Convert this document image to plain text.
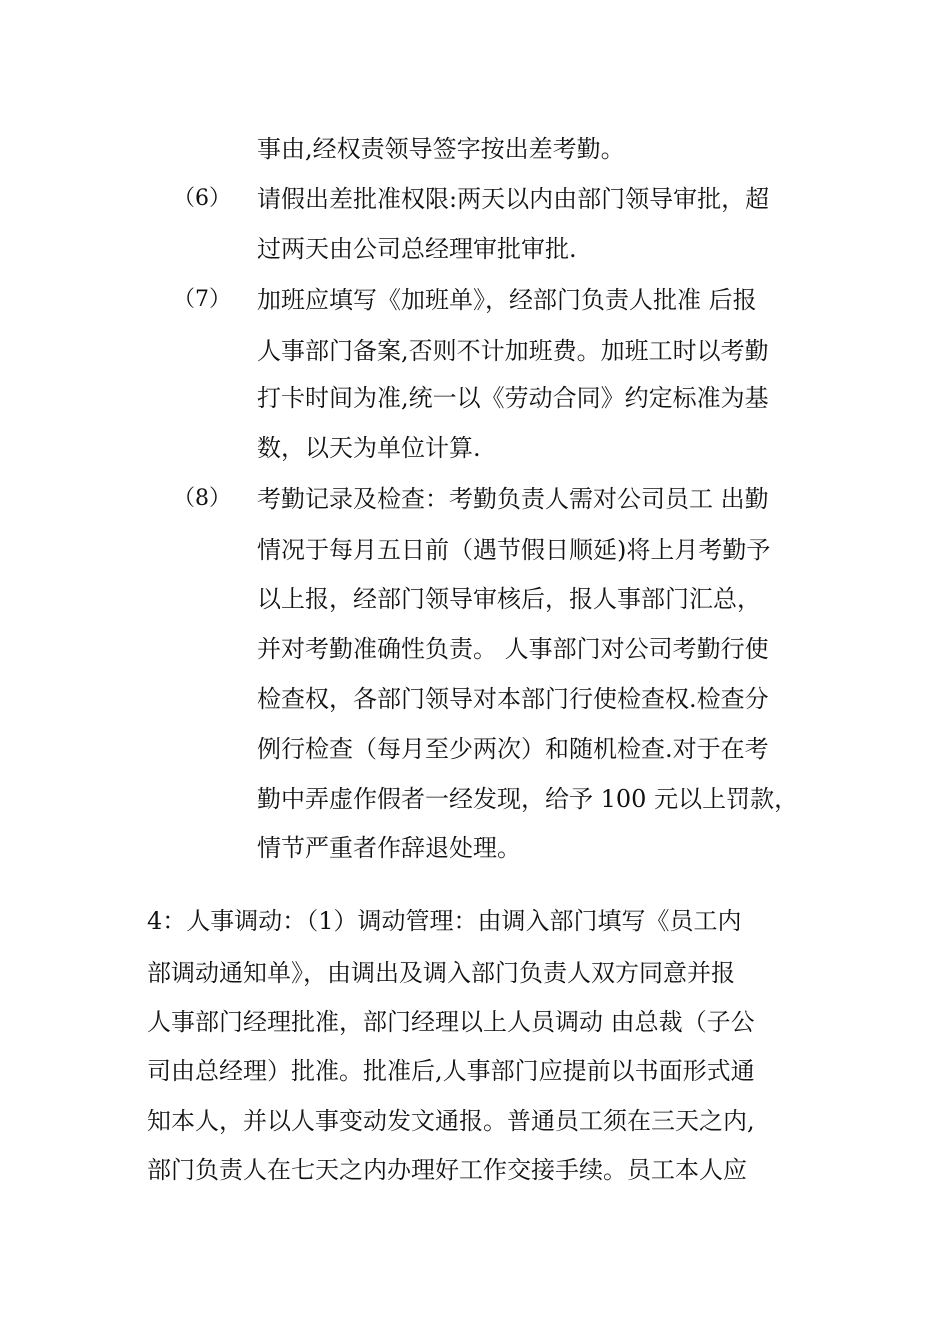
事由,经权责领导签字按出差考勤。
（6） 请假出差批准权限:两天以内由部门领导审批，超
过两天由公司总经理审批审批.
（7） 加班应填写《加班单》，经部门负责人批准 后报
人事部门备案,否则不计加班费。加班工时以考勤
打卡时间为准,统一以《劳动合同》约定标准为基
数，以天为单位计算.
（8） 考勤记录及检查：考勤负责人需对公司员工 出勤
情况于每月五日前（遇节假日顺延)将上月考勤予
以上报，经部门领导审核后，报人事部门汇总，
并对考勤准确性负责。 人事部门对公司考勤行使
检查权，各部门领导对本部门行使检查权.检查分
例行检查（每月至少两次）和随机检查.对于在考
勤中弄虚作假者一经发现，给予 100 元以上罚款，
情节严重者作辞退处理。
4：人事调动：（1）调动管理：由调入部门填写《员工内
部调动通知单》，由调出及调入部门负责人双方同意并报
人事部门经理批准，部门经理以上人员调动 由总裁（子公
司由总经理）批准。批准后,人事部门应提前以书面形式通
知本人，并以人事变动发文通报。普通员工须在三天之内,
部门负责人在七天之内办理好工作交接手续。员工本人应
